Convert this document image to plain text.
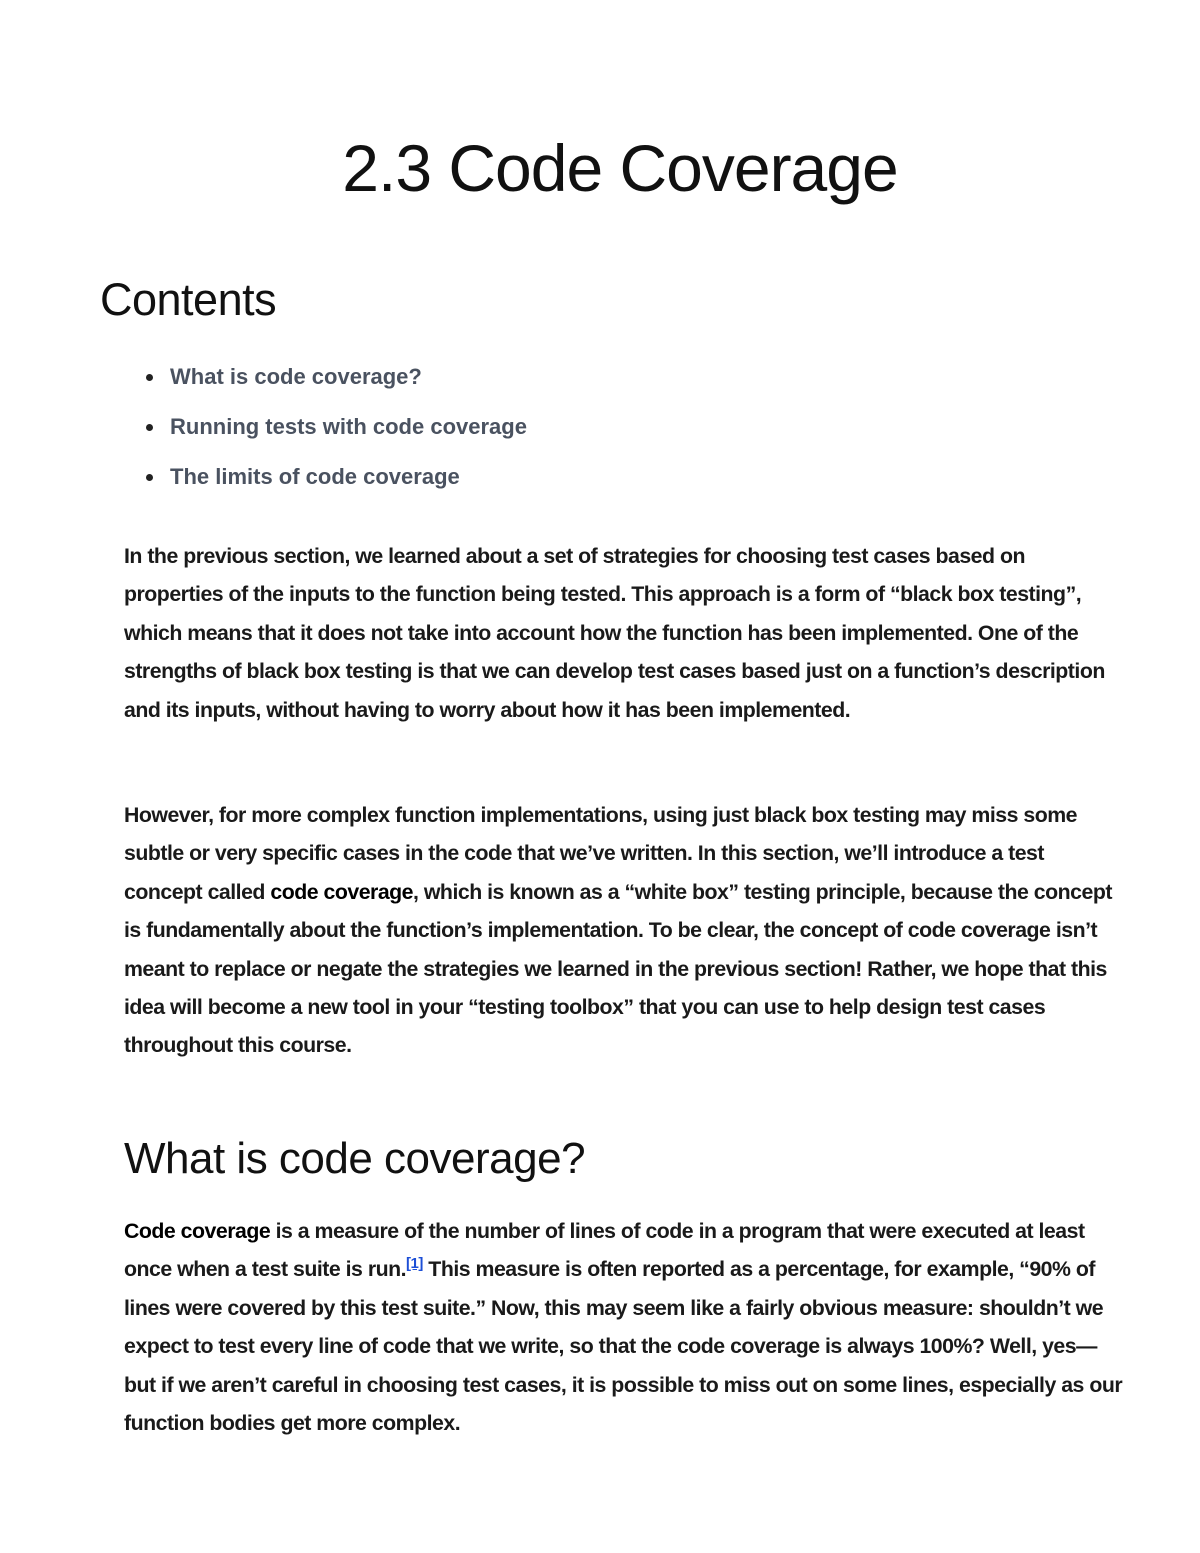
2.3 Code Coverage
Contents
What is code coverage?
Running tests with code coverage
The limits of code coverage

In the previous section, we learned about a set of strategies for choosing test cases based on properties of the inputs to the function being tested. This approach is a form of “black box testing”, which means that it does not take into account how the function has been implemented. One of the strengths of black box testing is that we can develop test cases based just on a function’s description and its inputs, without having to worry about how it has been implemented.

However, for more complex function implementations, using just black box testing may miss some subtle or very specific cases in the code that we’ve written. In this section, we’ll introduce a test concept called code coverage, which is known as a “white box” testing principle, because the concept is fundamentally about the function’s implementation. To be clear, the concept of code coverage isn’t meant to replace or negate the strategies we learned in the previous section! Rather, we hope that this idea will become a new tool in your “testing toolbox” that you can use to help design test cases throughout this course.

What is code coverage?

Code coverage is a measure of the number of lines of code in a program that were executed at least once when a test suite is run.[1] This measure is often reported as a percentage, for example, “90% of lines were covered by this test suite.” Now, this may seem like a fairly obvious measure: shouldn’t we expect to test every line of code that we write, so that the code coverage is always 100%? Well, yes—but if we aren’t careful in choosing test cases, it is possible to miss out on some lines, especially as our function bodies get more complex.
